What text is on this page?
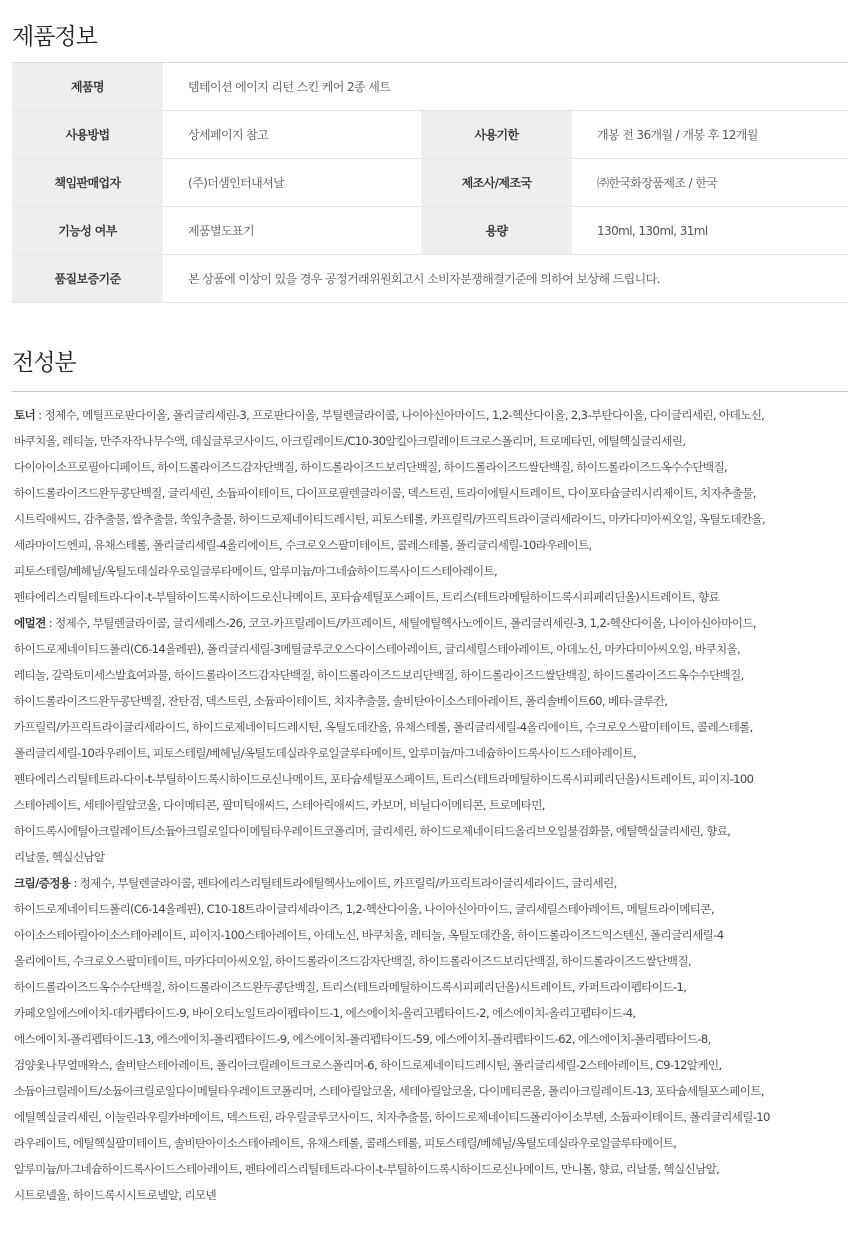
제품정보
제품명	템테이션 에이지 리턴 스킨 케어 2종 세트		
사용방법	상세페이지 참고	사용기한	개봉 전 36개월 / 개봉 후 12개월
책임판매업자	(주)더샘인터내셔날	제조사/제조국	㈜한국화장품제조 / 한국
기능성 여부	제품별도표기	용량	130ml, 130ml, 31ml
품질보증기준	본 상품에 이상이 있을 경우 공정거래위원회고시 소비자분쟁해결기준에 의하여 보상해 드립니다.		
전성분
토너 : 정제수, 메틸프로판다이올, 폴리글리세린-3, 프로판다이올, 부틸렌글라이콜, 나이아신아마이드, 1,2-헥산다이올, 2,3-부탄다이올, 다이글리세린, 아데노신,
바쿠치올, 레티놀, 만주자작나무수액, 데실글루코사이드, 아크릴레이트/C10-30알킬아크릴레이트크로스폴리머, 트로메타민, 에틸헥실글리세린,
다이아이소프로필아디페이트, 하이드롤라이즈드감자단백질, 하이드롤라이즈드보리단백질, 하이드롤라이즈드쌀단백질, 하이드롤라이즈드옥수수단백질,
하이드롤라이즈드완두콩단백질, 글리세린, 소듐파이테이트, 다이프로필렌글라이콜, 덱스트린, 트라이에틸시트레이트, 다이포타슘글리시리제이트, 치자추출물,
시트릭애씨드, 감추출물, 쌀추출물, 쑥잎추출물, 하이드로제네이티드레시틴, 피토스테롤, 카프릴릭/카프릭트라이글리세라이드, 마카다미아씨오일, 옥틸도데칸올,
세라마이드엔피, 유채스테롤, 폴리글리세릴-4올리에이트, 수크로오스팔미테이트, 콜레스테롤, 폴리글리세릴-10라우레이트,
피토스테릴/베헤닐/옥틸도데실라우로일글루타메이트, 알루미늄/마그네슘하이드록사이드스테아레이트,
펜타에리스리틸테트라-다이-t-부틸하이드록시하이드로신나메이트, 포타슘세틸포스페이트, 트리스(테트라메틸하이드록시피페리딘올)시트레이트, 향료
에멀젼 : 정제수, 부틸렌글라이콜, 글리세레스-26, 코코-카프릴레이트/카프레이트, 세틸에틸헥사노에이트, 폴리글리세린-3, 1,2-헥산다이올, 나이아신아마이드,
하이드로제네이티드폴리(C6-14올레핀), 폴리글리세릴-3메틸글루코오스다이스테아레이트, 글리세릴스테아레이트, 아데노신, 마카다미아씨오일, 바쿠치올,
레티놀, 갈락토미세스발효여과물, 하이드롤라이즈드감자단백질, 하이드롤라이즈드보리단백질, 하이드롤라이즈드쌀단백질, 하이드롤라이즈드옥수수단백질,
하이드롤라이즈드완두콩단백질, 잔탄검, 덱스트린, 소듐파이테이트, 치자추출물, 솔비탄아이소스테아레이트, 폴리솔베이트60, 베타-글루칸,
카프릴릭/카프릭트라이글리세라이드, 하이드로제네이티드레시틴, 옥틸도데칸올, 유채스테롤, 폴리글리세릴-4올리에이트, 수크로오스팔미테이트, 콜레스테롤,
폴리글리세릴-10라우레이트, 피토스테릴/베헤닐/옥틸도데실라우로일글루타메이트, 알루미늄/마그네슘하이드록사이드스테아레이트,
펜타에리스리틸테트라-다이-t-부틸하이드록시하이드로신나메이트, 포타슘세틸포스페이트, 트리스(테트라메틸하이드록시피페리딘올)시트레이트, 피이지-100
스테아레이트, 세테아릴알코올, 다이메티콘, 팔미틱애씨드, 스테아릭애씨드, 카보머, 비닐다이메티콘, 트로메타민,
하이드록시에틸아크릴레이트/소듐아크릴로일다이메틸타우레이트코폴리머, 글리세린, 하이드로제네이티드올리브오일불검화물, 에틸헥실글리세린, 향료,
리날룰, 헥실신남알
크림/증정용 : 정제수, 부틸렌글라이콜, 펜타에리스리틸테트라에틸헥사노에이트, 카프릴릭/카프릭트라이글리세라이드, 글리세린,
하이드로제네이티드폴리(C6-14올레핀), C10-18트라이글리세라이즈, 1,2-헥산다이올, 나이아신아마이드, 글리세릴스테아레이트, 메틸트라이메티콘,
아이소스테아릴아이소스테아레이트, 피이지-100스테아레이트, 아데노신, 바쿠치올, 레티놀, 옥틸도데칸올, 하이드롤라이즈드익스텐신, 폴리글리세릴-4
올리에이트, 수크로오스팔미테이트, 마카다미아씨오일, 하이드롤라이즈드감자단백질, 하이드롤라이즈드보리단백질, 하이드롤라이즈드쌀단백질,
하이드롤라이즈드옥수수단백질, 하이드롤라이즈드완두콩단백질, 트리스(테트라메틸하이드록시피페리딘올)시트레이트, 카퍼트라이펩타이드-1,
카페오일에스에이치-데카펩타이드-9, 바이오티노일트라이펩타이드-1, 에스에이치-올리고펩타이드-2, 에스에이치-올리고펩타이드-4,
에스에이치-폴리펩타이드-13, 에스에이치-폴리펩타이드-9, 에스에이치-폴리펩타이드-59, 에스에이치-폴리펩타이드-62, 에스에이치-폴리펩타이드-8,
검양옻나무열매왁스, 솔비탄스테아레이트, 폴리아크릴레이트크로스폴리머-6, 하이드로제네이티드레시틴, 폴리글리세릴-2스테아레이트, C9-12알케인,
소듐아크릴레이트/소듐아크릴로일다이메틸타우레이트코폴리머, 스테아릴알코올, 세테아릴알코올, 다이메티콘올, 폴리아크릴레이트-13, 포타슘세틸포스페이트,
에틸헥실글리세린, 이눌린라우릴카바메이트, 덱스트린, 라우릴글루코사이드, 치자추출물, 하이드로제네이티드폴리아이소부텐, 소듐파이테이트, 폴리글리세릴-10
라우레이트, 에틸헥실팔미테이트, 솔비탄아이소스테아레이트, 유채스테롤, 콜레스테롤, 피토스테릴/베헤닐/옥틸도데실라우로일글루타메이트,
알루미늄/마그네슘하이드록사이드스테아레이트, 펜타에리스리틸테트라-다이-t-부틸하이드록시하이드로신나메이트, 만니톨, 향료, 리날룰, 헥실신남알,
시트로넬올, 하이드록시시트로넬알, 리모넨
